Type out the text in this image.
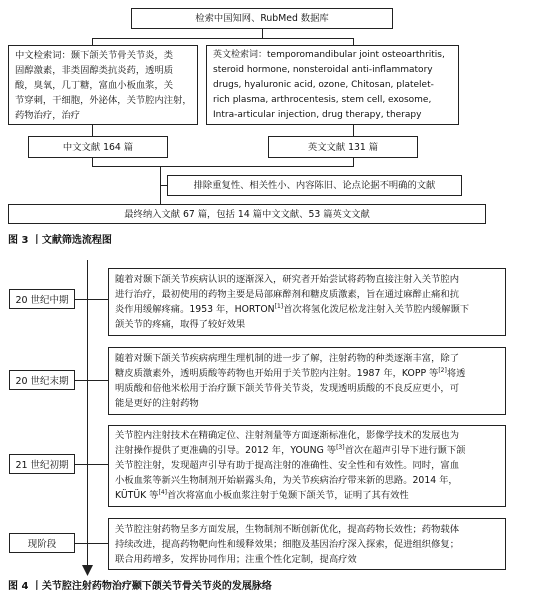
检索中国知网、RubMed 数据库
中文检索词：颞下颌关节骨关节炎，类
固醇激素，非类固醇类抗炎药，透明质
酸，臭氧，几丁糖，富血小板血浆，关
节穿刺，干细胞，外泌体，关节腔内注射，
药物治疗，治疗
英文检索词：temporomandibular joint osteoarthritis,
steroid hormone, nonsteroidal anti-inflammatory
drugs, hyaluronic acid, ozone, Chitosan, platelet-
rich plasma, arthrocentesis, stem cell, exosome,
Intra-articular injection, drug therapy, therapy
中文文献 164 篇	英文文献 131 篇
排除重复性、相关性小、内容陈旧、论点论据不明确的文献
最终纳入文献 67 篇，包括 14 篇中文文献、53 篇英文文献
图 3 丨文献筛选流程图
20 世纪中期
随着对颞下颌关节疾病认识的逐渐深入，研究者开始尝试将药物直接注射入关节腔内
进行治疗，最初使用的药物主要是局部麻醉剂和糖皮质激素，旨在通过麻醉止痛和抗
炎作用缓解疼痛。1953 年，HORTON[1]首次将氢化泼尼松龙注射入关节腔内缓解颞下
颌关节的疼痛，取得了较好效果
20 世纪末期
随着对颞下颌关节疾病病理生理机制的进一步了解，注射药物的种类逐渐丰富，除了
糖皮质激素外，透明质酸等药物也开始用于关节腔内注射。1987 年，KOPP 等[2]将透
明质酸和倍他米松用于治疗颞下颌关节骨关节炎，发现透明质酸的不良反应更小，可
能是更好的注射药物
21 世纪初期
关节腔内注射技术在精确定位、注射剂量等方面逐渐标准化，影像学技术的发展也为
注射操作提供了更准确的引导。2012 年，YOUNG 等[3]首次在超声引导下进行颞下颌
关节腔注射，发现超声引导有助于提高注射的准确性、安全性和有效性。同时，富血
小板血浆等新兴生物制剂开始崭露头角，为关节疾病治疗带来新的思路。2014 年，
KÜTÜK 等[4]首次将富血小板血浆注射于兔颞下颌关节，证明了其有效性
现阶段
关节腔注射药物呈多方面发展，生物制剂不断创新优化，提高药物长效性；药物载体
持续改进，提高药物靶向性和缓释效果；细胞及基因治疗深入探索，促进组织修复；
联合用药增多，发挥协同作用；注重个性化定制，提高疗效
图 4 丨关节腔注射药物治疗颞下颌关节骨关节炎的发展脉络
